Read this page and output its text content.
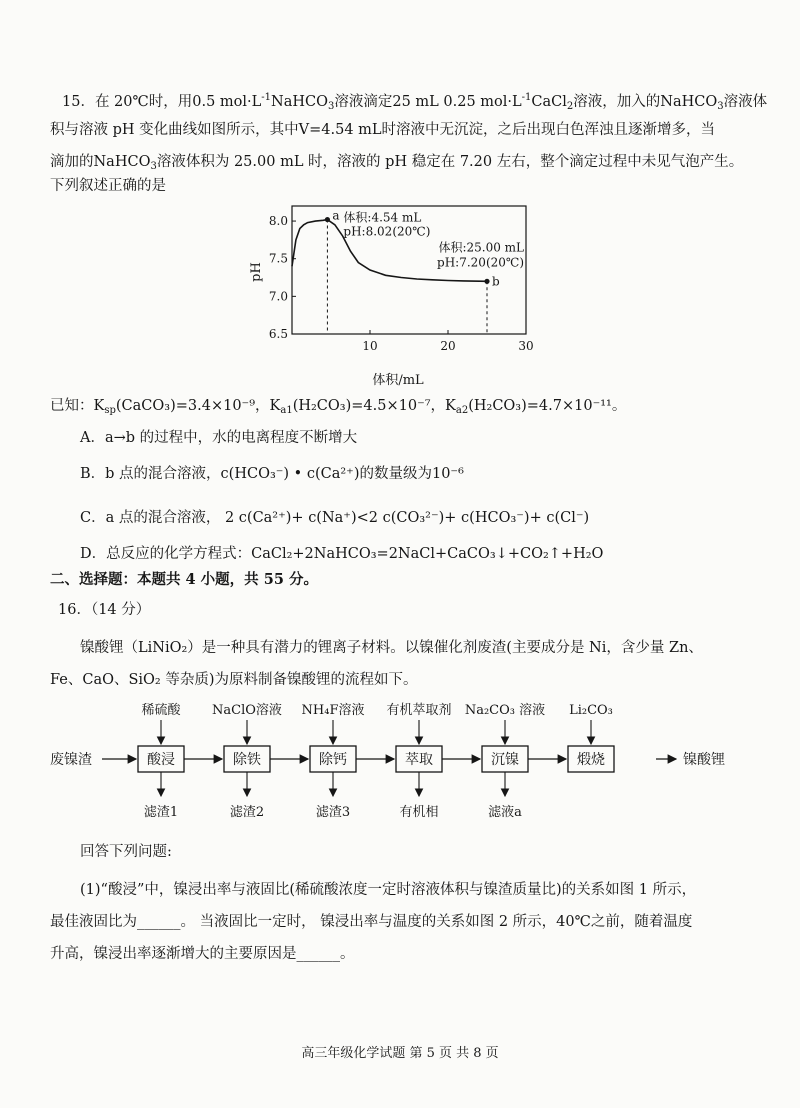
15．在 20℃时，用0.5 $mol\cdot L^{-1}NaHCO_3$溶液滴定25 mL 0.25 $mol\cdot L^{-1}CaCl_2$溶液，加入的NaHCO$_3$溶液体
积与溶液 pH 变化曲线如图所示，其中V=4.54 mL时溶液中无沉淀，之后出现白色浑浊且逐渐增多，当
滴加的NaHCO$_3$溶液体积为 25.00 mL 时，溶液的 pH 稳定在 7.20 左右，整个滴定过程中未见气泡产生。
下列叙述正确的是
10	20	30
6.5
7.0
7.5
8.0	a 体积:4.54 mL
pH:8.02(20℃)
b
体积:25.00 mL
pH:7.20(20℃)
体积/mL
pH
已知：$K_{sp}(CaCO_3)=3.4\times 10^{-9}$，$K_{a1}(H_2CO_3)=4.5\times 10^{-7}$，$K_{a2}(H_2CO_3)=4.7\times 10^{-11}$。
A．a→b 的过程中，水的电离程度不断增大
B．b 点的混合溶液，c(HCO₃⁻) • c(Ca²⁺)的数量级为10⁻⁶
C．a 点的混合溶液， 2 c(Ca²⁺)+ c(Na⁺)<2 c(CO₃²⁻)+ c(HCO₃⁻)+ c(Cl⁻)
D．总反应的化学方程式：CaCl₂+2NaHCO₃=2NaCl+CaCO₃↓+CO₂↑+H₂O
二、选择题：本题共 4 小题，共 55 分。
16．（14 分）
镍酸锂（LiNiO₂）是一种具有潜力的锂离子材料。以镍催化剂废渣(主要成分是 Ni，含少量 Zn、
Fe、CaO、SiO₂ 等杂质)为原料制备镍酸锂的流程如下。
废镍渣	酸浸
稀硫酸
滤渣1
除铁
NaClO溶液
滤渣2
除钙
NH₄F溶液
滤渣3
萃取
有机萃取剂
有机相
沉镍
Na₂CO₃ 溶液
滤液a
煅烧
Li₂CO₃
镍酸锂
回答下列问题:
(1)“酸浸”中，镍浸出率与液固比(稀硫酸浓度一定时溶液体积与镍渣质量比)的关系如图 1 所示，
最佳液固比为______。 当液固比一定时， 镍浸出率与温度的关系如图 2 所示，40℃之前，随着温度
升高，镍浸出率逐渐增大的主要原因是______。
高三年级化学试题 第 5 页 共 8 页
